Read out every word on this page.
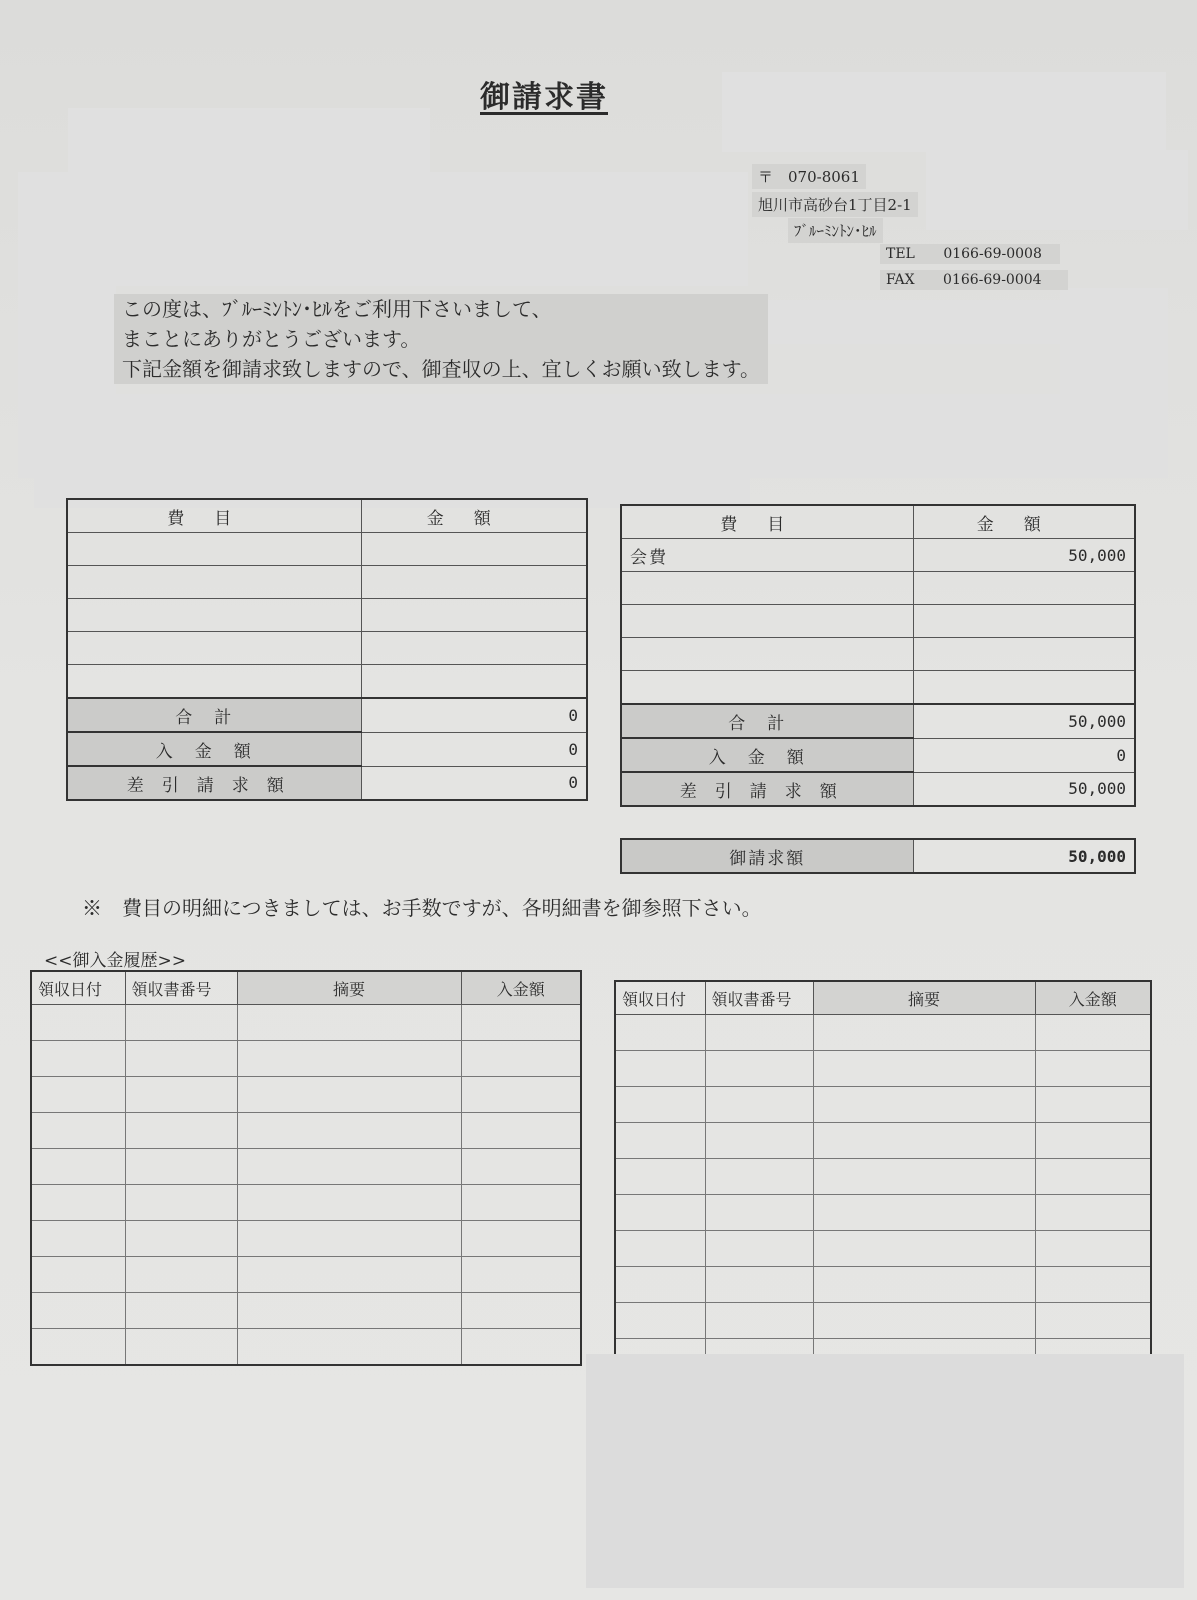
御請求書
〒　070-8061
旭川市高砂台1丁目2-1
ﾌﾞﾙｰﾐﾝﾄﾝ･ﾋﾙ
TEL 0166-69-0008
FAX 0166-69-0004
この度は、ﾌﾞﾙｰﾐﾝﾄﾝ･ﾋﾙをご利用下さいまして、
まことにありがとうございます。
下記金額を御請求致しますので、御査収の上、宜しくお願い致します。
費目	金額

合計	0
入金額	0
差引請求額	0
費目	金額
会費	50,000

合計	50,000
入金額	0
差引請求額	50,000
御請求額	50,000
※　費目の明細につきましては、お手数ですが、各明細書を御参照下さい。
<<御入金履歴>>
領収日付	領収書番号	摘要	入金額

領収日付	領収書番号	摘要	入金額
